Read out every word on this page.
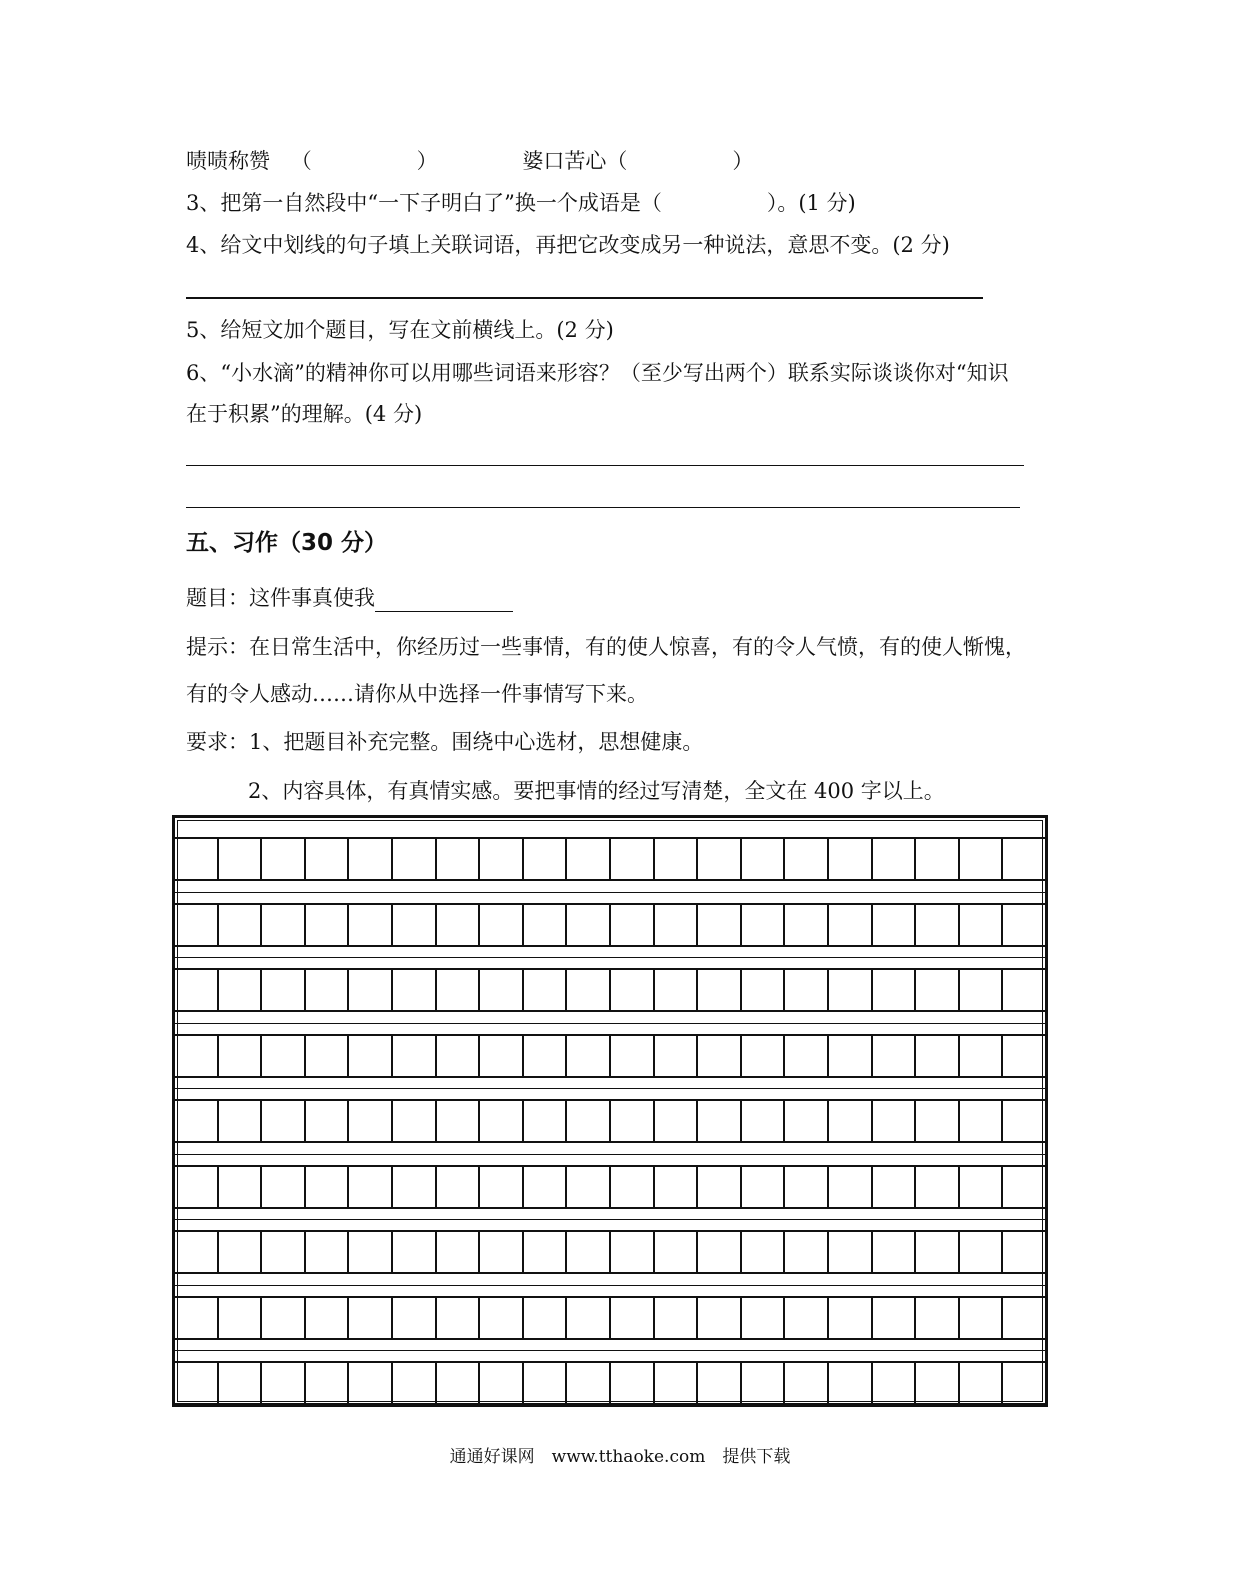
啧啧称赞 （　　　　　）	婆口苦心（　　　　　）
3、把第一自然段中“一下子明白了”换一个成语是（　　　　　）。(1 分)
4、给文中划线的句子填上关联词语，再把它改变成另一种说法，意思不变。(2 分)
5、给短文加个题目，写在文前横线上。(2 分)
6、“小水滴”的精神你可以用哪些词语来形容？（至少写出两个）联系实际谈谈你对“知识
在于积累”的理解。(4 分)
五、习作（30 分）
题目：这件事真使我
提示：在日常生活中，你经历过一些事情，有的使人惊喜，有的令人气愤，有的使人惭愧，
有的令人感动……请你从中选择一件事情写下来。
要求：1、把题目补充完整。围绕中心选材，思想健康。
2、内容具体，有真情实感。要把事情的经过写清楚，全文在 400 字以上。
通通好课网　www.tthaoke.com　提供下载
